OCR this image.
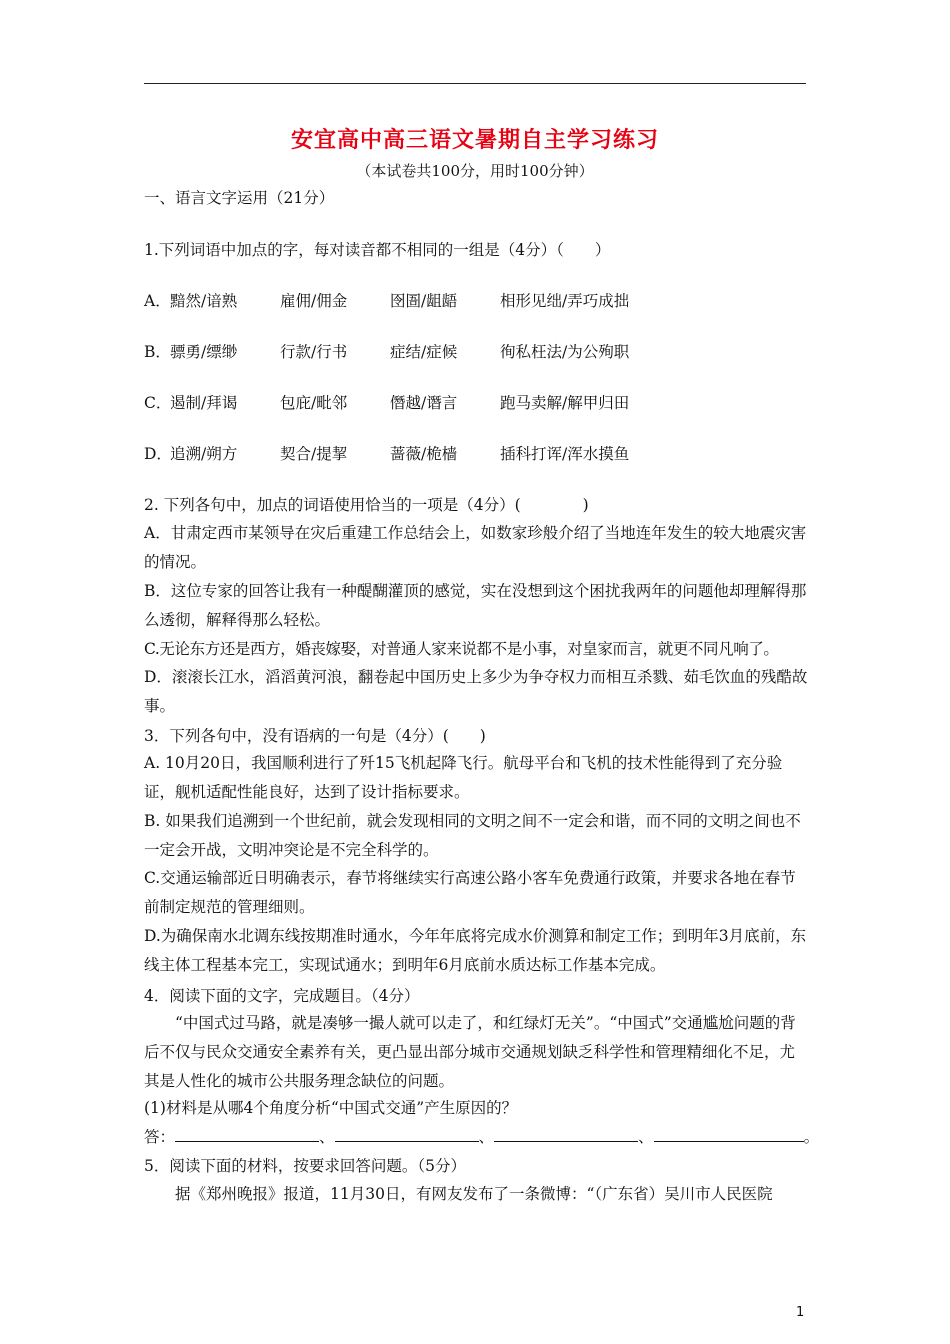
安宜高中高三语文暑期自主学习练习
（本试卷共100分，用时100分钟）
一、语言文字运用（21分）
1.下列词语中加点的字，每对读音都不相同的一组是（4分）（　　）
A．黯然/谙熟	雇佣/佣金	囹圄/龃龉	相形见绌/弄巧成拙
B．骠勇/缥缈	行款/行书	症结/症候	徇私枉法/为公殉职
C．遏制/拜谒	包庇/毗邻	僭越/谮言	跑马卖解/解甲归田
D．追溯/朔方	契合/提挈	蔷薇/桅樯	插科打诨/浑水摸鱼
2. 下列各句中，加点的词语使用恰当的一项是（4分）(　　　　)
A．甘肃定西市某领导在灾后重建工作总结会上，如数家珍般介绍了当地连年发生的较大地震灾害的情况。
B．这位专家的回答让我有一种醍醐灌顶的感觉，实在没想到这个困扰我两年的问题他却理解得那么透彻，解释得那么轻松。
C.无论东方还是西方，婚丧嫁娶，对普通人家来说都不是小事，对皇家而言，就更不同凡响了。
D．滚滚长江水，滔滔黄河浪，翻卷起中国历史上多少为争夺权力而相互杀戮、茹毛饮血的残酷故事。
3．下列各句中，没有语病的一句是（4分）(　　)
A. 10月20日，我国顺利进行了歼15飞机起降飞行。航母平台和飞机的技术性能得到了充分验证，舰机适配性能良好，达到了设计指标要求。
B. 如果我们追溯到一个世纪前，就会发现相同的文明之间不一定会和谐，而不同的文明之间也不一定会开战，文明冲突论是不完全科学的。
C.交通运输部近日明确表示，春节将继续实行高速公路小客车免费通行政策，并要求各地在春节前制定规范的管理细则。
D.为确保南水北调东线按期准时通水，今年年底将完成水价测算和制定工作；到明年3月底前，东线主体工程基本完工，实现试通水；到明年6月底前水质达标工作基本完成。
4．阅读下面的文字，完成题目。（4分）
“中国式过马路，就是凑够一撮人就可以走了，和红绿灯无关”。“中国式”交通尴尬问题的背后不仅与民众交通安全素养有关，更凸显出部分城市交通规划缺乏科学性和管理精细化不足，尤其是人性化的城市公共服务理念缺位的问题。
(1)材料是从哪4个角度分析“中国式交通”产生原因的？
答：	、	、	、	。
5．阅读下面的材料，按要求回答问题。（5分）
据《郑州晚报》报道，11月30日，有网友发布了一条微博：“（广东省）吴川市人民医院
1
